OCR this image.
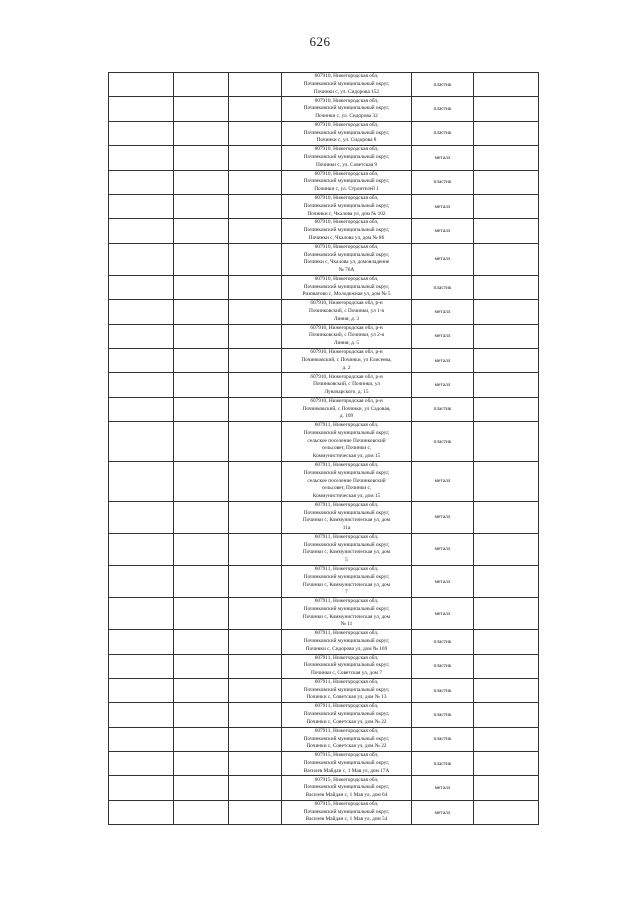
626

			607910, Нижегородская обл,
Починковский муниципальный округ,
Починки с, ул. Сидорова 152	пластик	

			607910, Нижегородская обл,
Починковский муниципальный округ,
Починки с, ул. Сидорова 32	пластик	

			607910, Нижегородская обл,
Починковский муниципальный округ,
Починки с, ул. Сидорова 8	пластик	

			607910, Нижегородская обл,
Починковский муниципальный округ,
Починки с, ул. Советская 9	металл	

			607910, Нижегородская обл,
Починковский муниципальный округ,
Починки с, ул. Строителей 1	пластик	

			607910, Нижегородская обл,
Починковский муниципальный округ,
Починки с, Чкалова ул, дом № 102	металл	

			607910, Нижегородская обл,
Починковский муниципальный округ,
Починки с, Чкалова ул, дом № 86	металл	

			607910, Нижегородская обл,
Починковский муниципальный округ,
Починки с, Чкалова ул, домовладение
№ 76А	металл	

			607910, Нижегородская обл,
Починковский муниципальный округ,
Ризоватово с, Молодежная ул, дом № 5	пластик	

			607910, Нижегородская обл, р-н
Починковский, с Починки, ул 1-я
Линия, д. 3	металл	

			607910, Нижегородская обл, р-н
Починковский, с Починки, ул 2-я
Линия, д. 5	металл	

			607910, Нижегородская обл, р-н
Починковский, с Починки, ул Елисеева,
д. 2	металл	

			607910, Нижегородская обл, р-н
Починковский, с Починки, ул
Луначарского, д. 15	металл	

			607910, Нижегородская обл, р-н
Починковский, с Починки, ул Садовая,
д. 109	пластик	

			607911, Нижегородская обл,
Починковский муниципальный округ,
сельское поселение Починковский
сельсовет, Починки с,
Коммунистическая ул, дом 15	пластик	

			607911, Нижегородская обл,
Починковский муниципальный округ,
сельское поселение Починковский
сельсовет, Починки с,
Коммунистическая ул, дом 15	металл	

			607911, Нижегородская обл,
Починковский муниципальный округ,
Починки с, Коммунистическая ул, дом
11а	металл	

			607911, Нижегородская обл,
Починковский муниципальный округ,
Починки с, Коммунистическая ул, дом
5	металл	

			607911, Нижегородская обл,
Починковский муниципальный округ,
Починки с, Коммунистическая ул, дом
7	металл	

			607911, Нижегородская обл,
Починковский муниципальный округ,
Починки с, Коммунистическая ул, дом
№ 11	металл	

			607911, Нижегородская обл,
Починковский муниципальный округ,
Починки с, Сидорова ул, дом № 169	пластик	

			607911, Нижегородская обл,
Починковский муниципальный округ,
Починки с, Советская ул, дом 7	пластик	

			607911, Нижегородская обл,
Починковский муниципальный округ,
Починки с, Советская ул, дом № 13	пластик	

			607911, Нижегородская обл,
Починковский муниципальный округ,
Починки с, Советская ул, дом № 22	пластик	

			607911, Нижегородская обл,
Починковский муниципальный округ,
Починки с, Советская ул, дом № 22	пластик	

			607915, Нижегородская обл,
Починковский муниципальный округ,
Василев Майдан с, 1 Мая ул, дом 17А	пластик	

			607915, Нижегородская обл,
Починковский муниципальный округ,
Василев Майдан с, 1 Мая ул, дом 64	металл	

			607915, Нижегородская обл,
Починковский муниципальный округ,
Василев Майдан с, 1 Мая ул, дом 54	металл	
